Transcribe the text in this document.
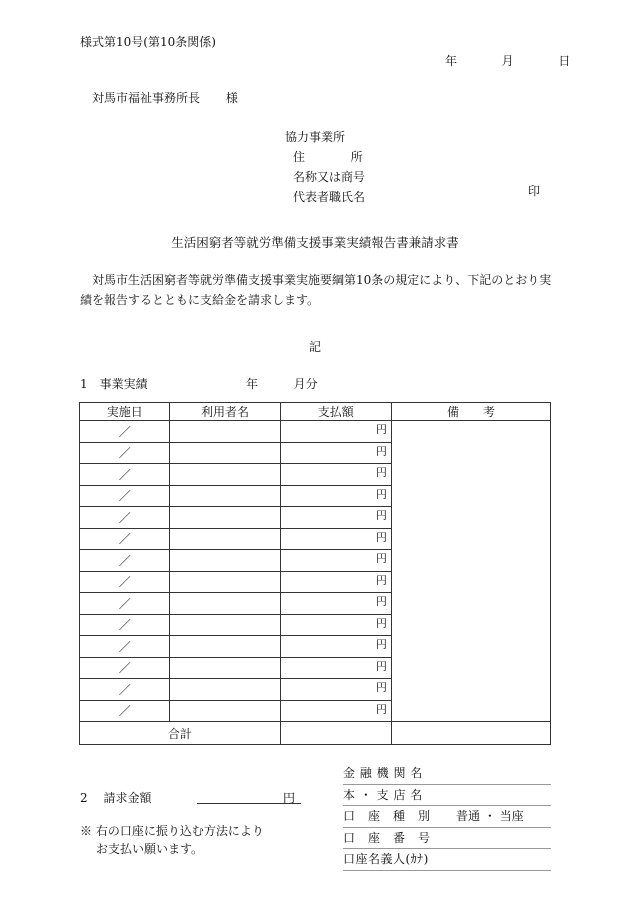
様式第10号(第10条関係)
年	月	日
対馬市福祉事務所長 様
協力事業所
住	所
名称又は商号
代表者職氏名	印
生活困窮者等就労準備支援事業実績報告書兼請求書
対馬市生活困窮者等就労準備支援事業実施要綱第10条の規定により、下記のとおり実績を報告するとともに支給金を請求します。
記
1　事業実績	年	月分
実施日	利用者名	支払額	備　　考
／		円	
／		円	
／		円	
／		円	
／		円	
／		円	
／		円	
／		円	
／		円	
／		円	
／		円	
／		円	
／		円	
／		円	
合計			
2　 請求金額	円
※ 右の口座に振り込む方法により
お支払い願います。
金 融 機 関 名
本 ・ 支 店 名
口　座　種　別 普通 ・ 当座
口　座　番　号
口座名義人(ｶﾅ)
